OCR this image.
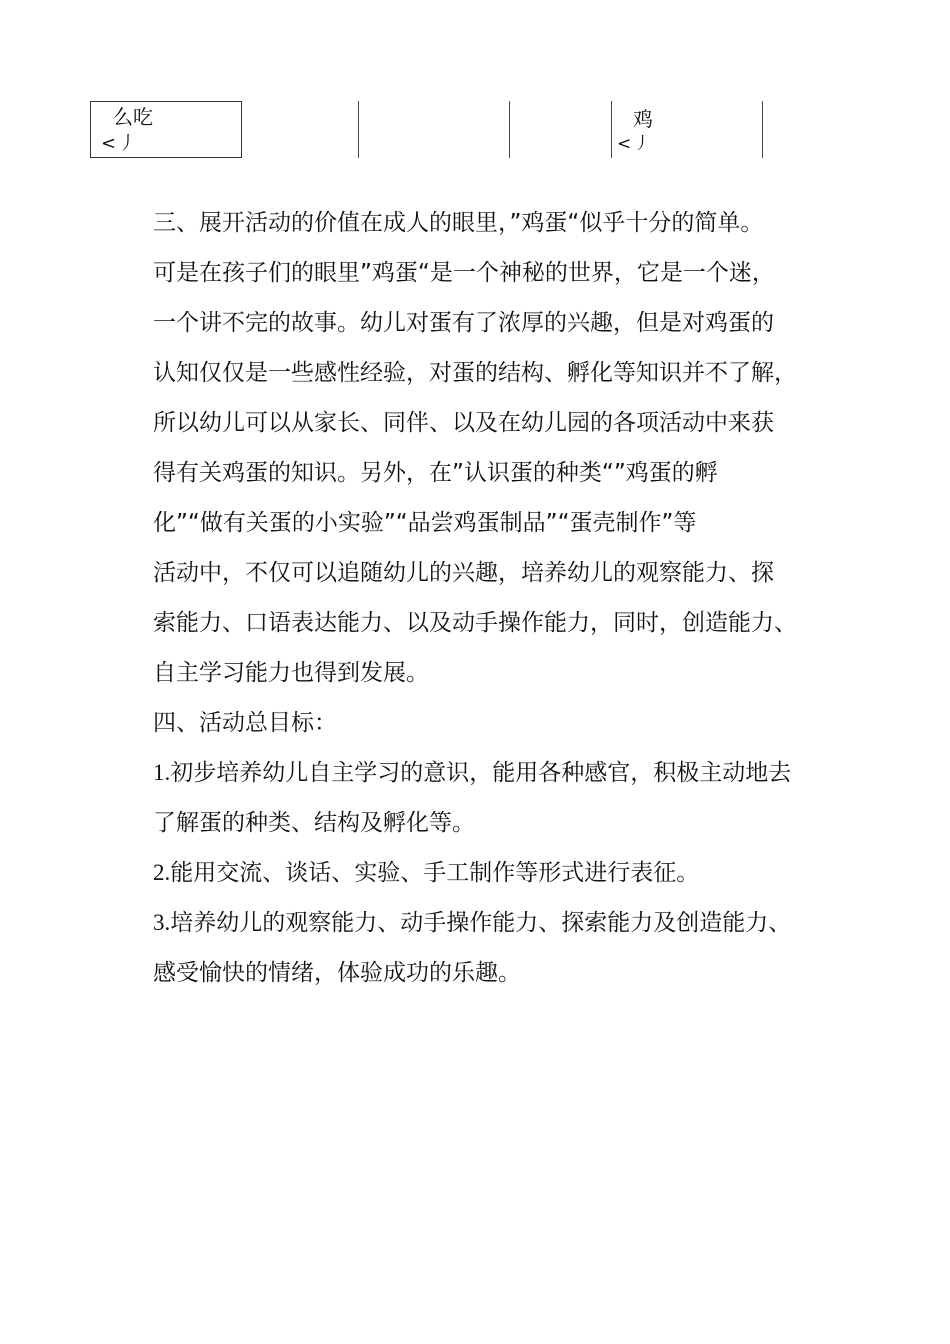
么吃
<丿
鸡
<丿

三、展开活动的价值在成人的眼里，”鸡蛋“似乎十分的简单。

可是在孩子们的眼里”鸡蛋“是一个神秘的世界，它是一个迷，

一个讲不完的故事。幼儿对蛋有了浓厚的兴趣，但是对鸡蛋的

认知仅仅是一些感性经验，对蛋的结构、孵化等知识并不了解，

所以幼儿可以从家长、同伴、以及在幼儿园的各项活动中来获

得有关鸡蛋的知识。另外，在”认识蛋的种类“”鸡蛋的孵

化”“做有关蛋的小实验”“品尝鸡蛋制品”“蛋壳制作”等

活动中，不仅可以追随幼儿的兴趣，培养幼儿的观察能力、探

索能力、口语表达能力、以及动手操作能力，同时，创造能力、

自主学习能力也得到发展。

四、活动总目标：

1.初步培养幼儿自主学习的意识，能用各种感官，积极主动地去

了解蛋的种类、结构及孵化等。

2.能用交流、谈话、实验、手工制作等形式进行表征。

3.培养幼儿的观察能力、动手操作能力、探索能力及创造能力、

感受愉快的情绪，体验成功的乐趣。
